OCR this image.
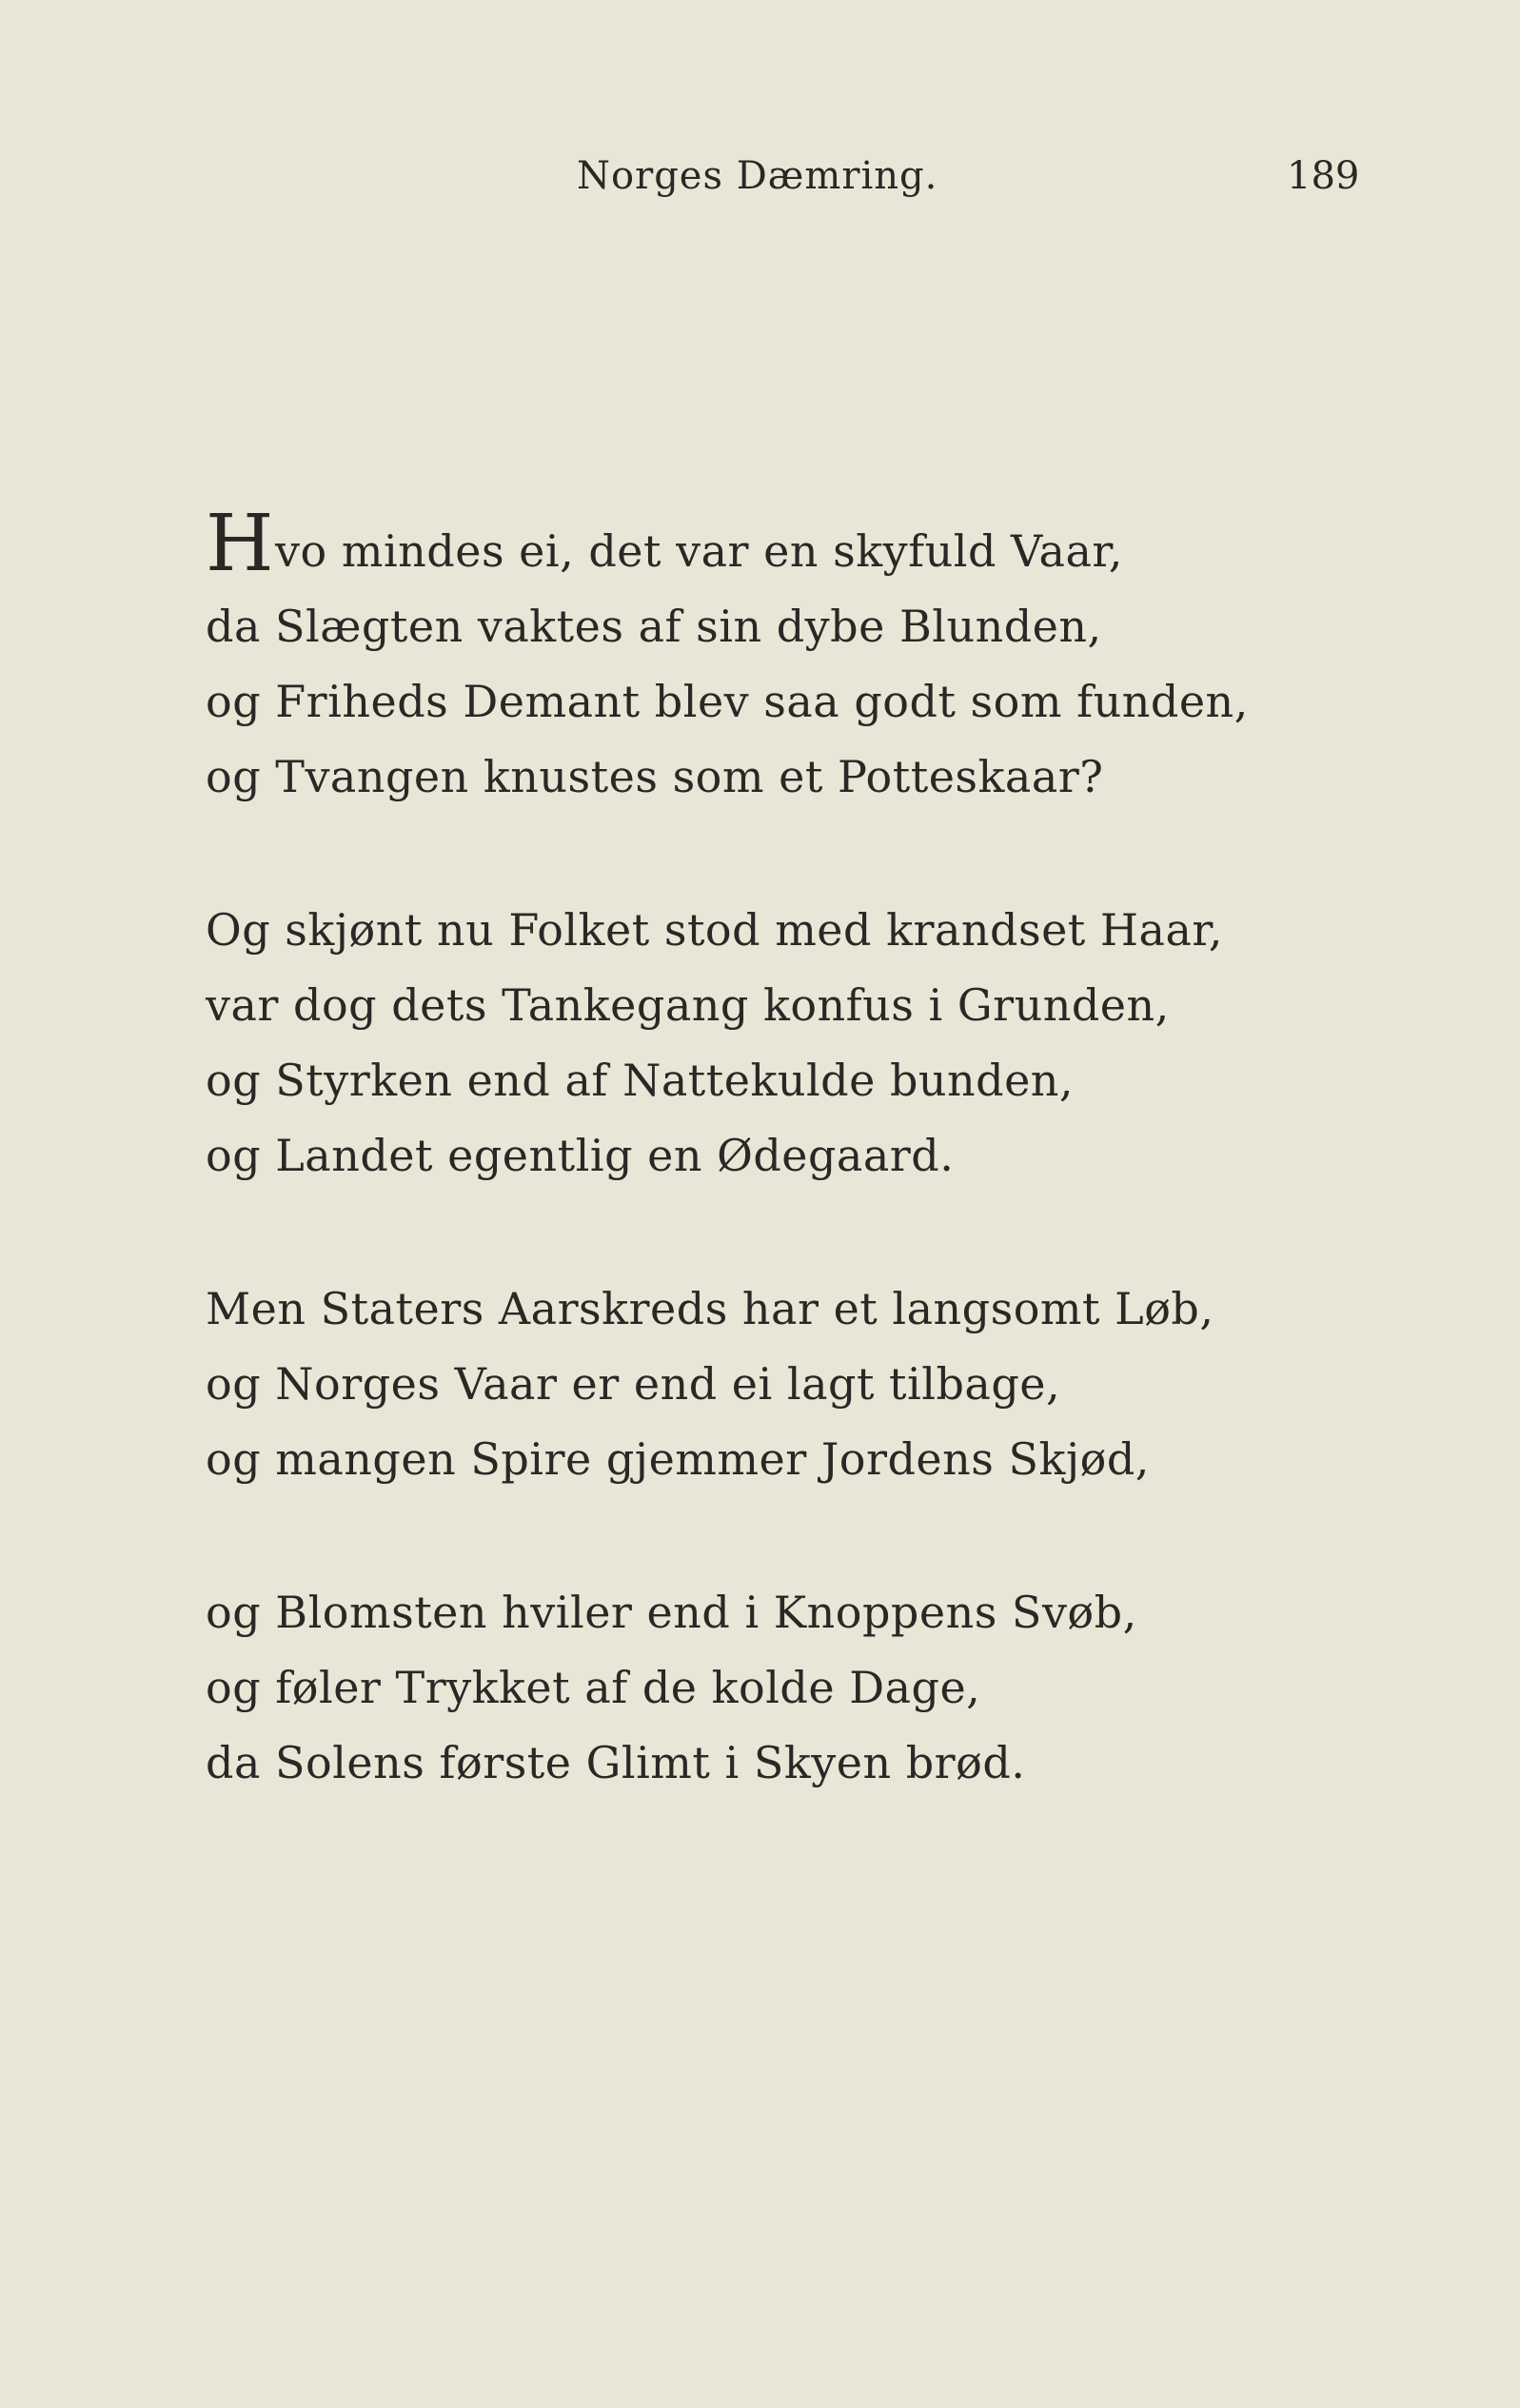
Norges Dæmring.	189
Hvo mindes ei, det var en skyfuld Vaar,
da Slægten vaktes af sin dybe Blunden,
og Friheds Demant blev saa godt som funden,
og Tvangen knustes som et Potteskaar?
Og skjønt nu Folket stod med krandset Haar,
var dog dets Tankegang konfus i Grunden,
og Styrken end af Nattekulde bunden,
og Landet egentlig en Ødegaard.
Men Staters Aarskreds har et langsomt Løb,
og Norges Vaar er end ei lagt tilbage,
og mangen Spire gjemmer Jordens Skjød,
og Blomsten hviler end i Knoppens Svøb,
og føler Trykket af de kolde Dage,
da Solens første Glimt i Skyen brød.
